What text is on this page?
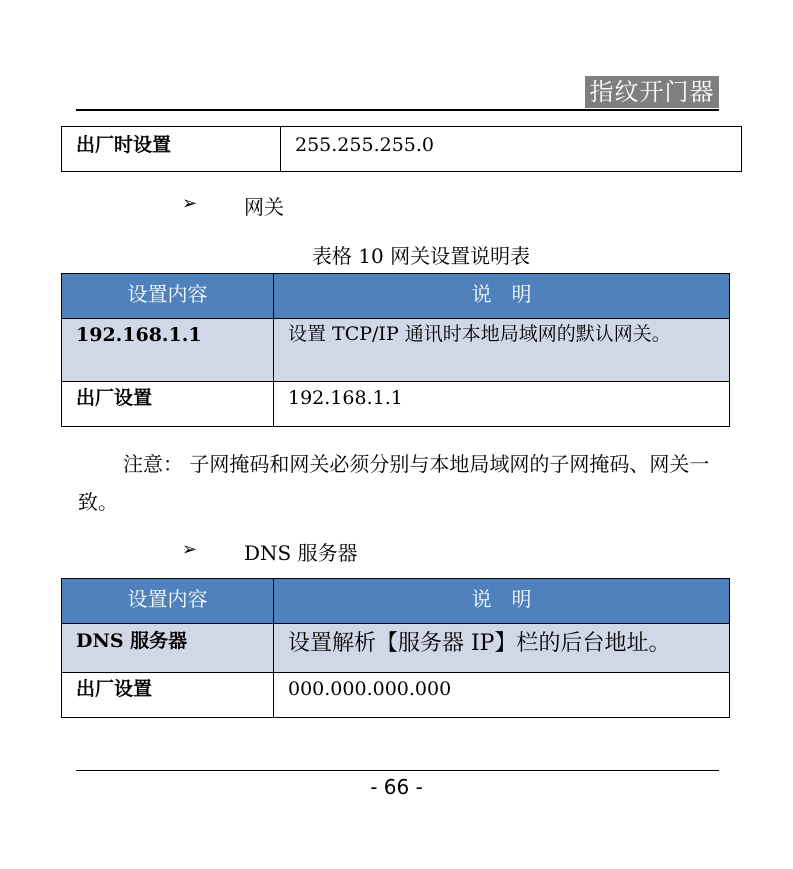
指纹开门器
出厂时设置	255.255.255.0
➢ 网关
表格 10 网关设置说明表
设置内容	说　明
192.168.1.1	设置 TCP/IP 通讯时本地局域网的默认网关。
出厂设置	192.168.1.1
注意： 子网掩码和网关必须分别与本地局域网的子网掩码、网关一致。
➢ DNS 服务器
设置内容	说　明
DNS 服务器	设置解析【服务器 IP】栏的后台地址。
出厂设置	000.000.000.000
- 66 -
